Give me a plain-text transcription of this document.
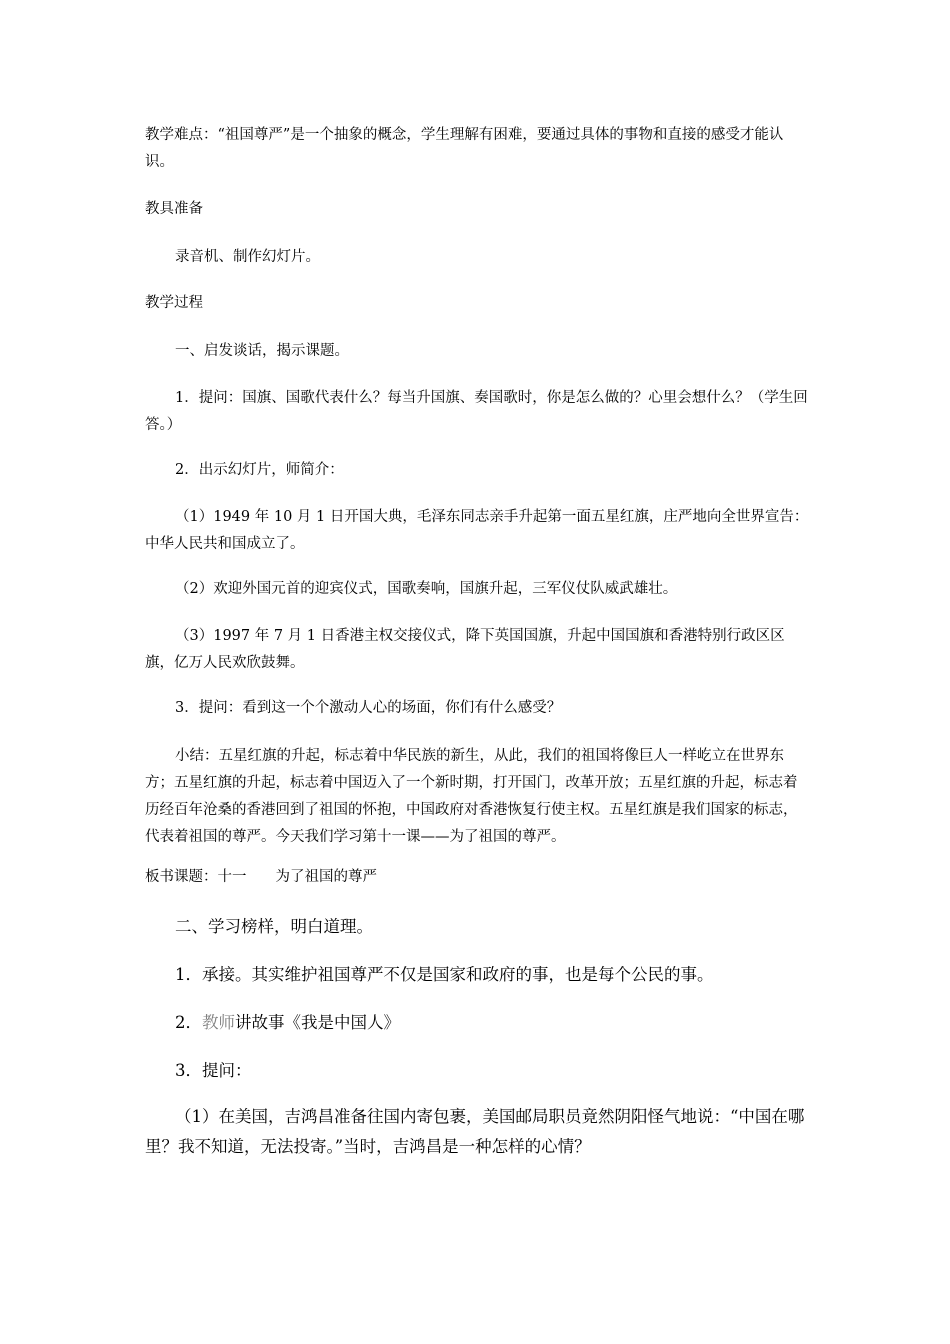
教学难点：“祖国尊严”是一个抽象的概念，学生理解有困难，要通过具体的事物和直接的感受才能认识。

教具准备

录音机、制作幻灯片。

教学过程

一、启发谈话，揭示课题。

1．提问：国旗、国歌代表什么？每当升国旗、奏国歌时，你是怎么做的？心里会想什么？（学生回答。）

2．出示幻灯片，师简介：

（1）1949 年 10 月 1 日开国大典，毛泽东同志亲手升起第一面五星红旗，庄严地向全世界宣告：中华人民共和国成立了。

（2）欢迎外国元首的迎宾仪式，国歌奏响，国旗升起，三军仪仗队威武雄壮。

（3）1997 年 7 月 1 日香港主权交接仪式，降下英国国旗，升起中国国旗和香港特别行政区区旗，亿万人民欢欣鼓舞。

3．提问：看到这一个个激动人心的场面，你们有什么感受？

小结：五星红旗的升起，标志着中华民族的新生，从此，我们的祖国将像巨人一样屹立在世界东方；五星红旗的升起，标志着中国迈入了一个新时期，打开国门，改革开放；五星红旗的升起，标志着历经百年沧桑的香港回到了祖国的怀抱，中国政府对香港恢复行使主权。五星红旗是我们国家的标志，代表着祖国的尊严。今天我们学习第十一课——为了祖国的尊严。

板书课题：十一　　为了祖国的尊严

二、学习榜样，明白道理。

1．承接。其实维护祖国尊严不仅是国家和政府的事，也是每个公民的事。

2．教师讲故事《我是中国人》

3．提问：

（1）在美国，吉鸿昌准备往国内寄包裹，美国邮局职员竟然阴阳怪气地说：“中国在哪里？我不知道，无法投寄。”当时，吉鸿昌是一种怎样的心情？
